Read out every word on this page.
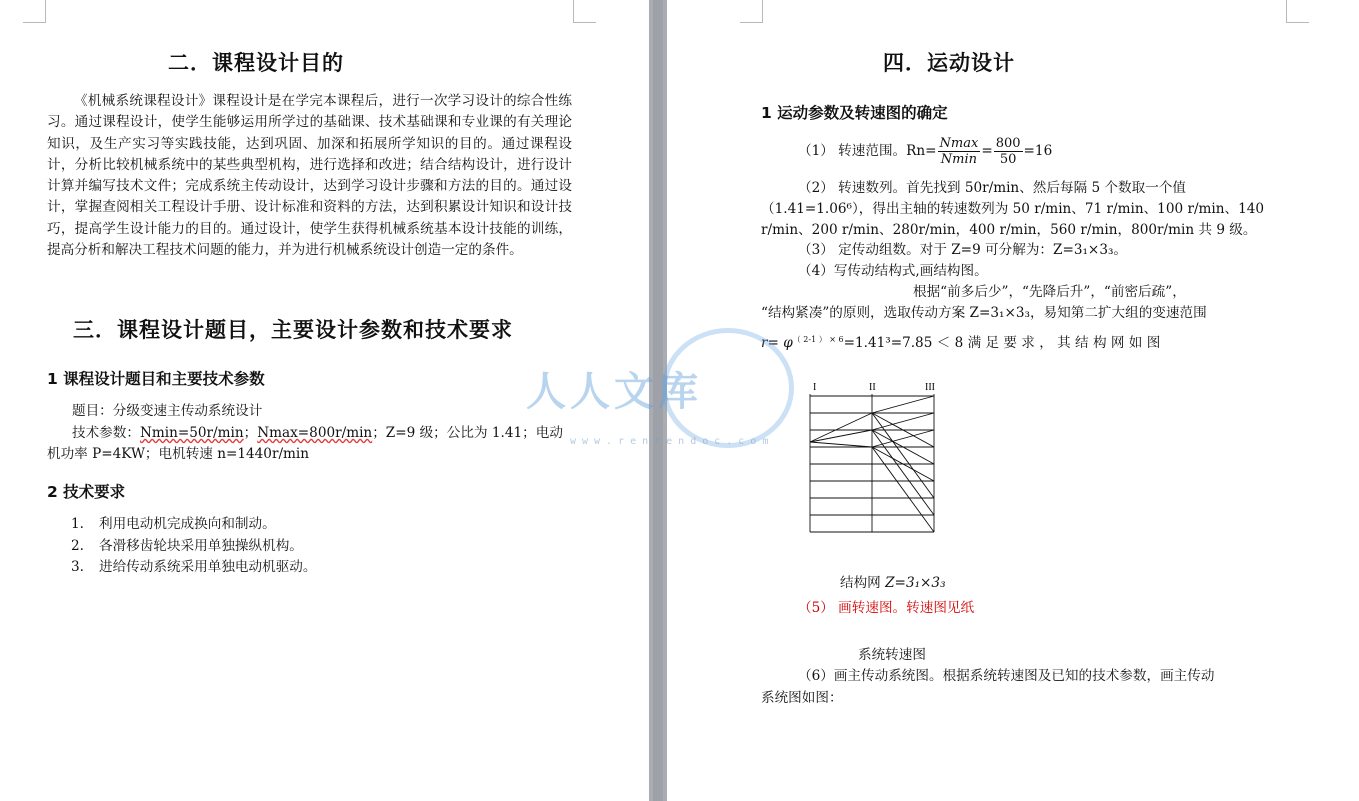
二．课程设计目的
《机械系统课程设计》课程设计是在学完本课程后，进行一次学习设计的综合性练习。通过课程设计，使学生能够运用所学过的基础课、技术基础课和专业课的有关理论知识，及生产实习等实践技能，达到巩固、加深和拓展所学知识的目的。通过课程设计，分析比较机械系统中的某些典型机构，进行选择和改进；结合结构设计，进行设计计算并编写技术文件；完成系统主传动设计，达到学习设计步骤和方法的目的。通过设计，掌握查阅相关工程设计手册、设计标准和资料的方法，达到积累设计知识和设计技巧，提高学生设计能力的目的。通过设计，使学生获得机械系统基本设计技能的训练，提高分析和解决工程技术问题的能力，并为进行机械系统设计创造一定的条件。
三．课程设计题目，主要设计参数和技术要求
1 课程设计题目和主要技术参数
题目：分级变速主传动系统设计
技术参数：Nmin=50r/min；Nmax=800r/min；Z=9 级；公比为 1.41；电动
机功率 P=4KW；电机转速 n=1440r/min
2 技术要求
1. 利用电动机完成换向和制动。
2. 各滑移齿轮块采用单独操纵机构。
3. 进给传动系统采用单独电动机驱动。
四．运动设计
1 运动参数及转速图的确定
（1） 转速范围。$Rn= \frac{Nmax}{Nmin} = \frac{800}{50} =16$
（2） 转速数列。首先找到 50r/min、然后每隔 5 个数取一个值
（1.41=1.06⁶），得出主轴的转速数列为 50 r/min、71 r/min、100 r/min、140
r/min、200 r/min、280r/min，400 r/min，560 r/min，800r/min 共 9 级。
（3） 定传动组数。对于 Z=9 可分解为：Z=3₁×3₃。
（4）写传动结构式,画结构图。
根据“前多后少”，“先降后升”，“前密后疏”，
“结构紧凑”的原则，选取传动方案 Z=3₁×3₃，易知第二扩大组的变速范围
$r= \varphi^{( 2-1 ) \times 6}=1.41^3=7.85 < 8$ 满 足 要 求 ， 其 结 构 网 如 图
I	II	III
结构网 Z=3₁×3₃
（5） 画转速图。转速图见纸
系统转速图
（6）画主传动系统图。根据系统转速图及已知的技术参数，画主传动
系统图如图：
人人文库
www.renrendoc.com
